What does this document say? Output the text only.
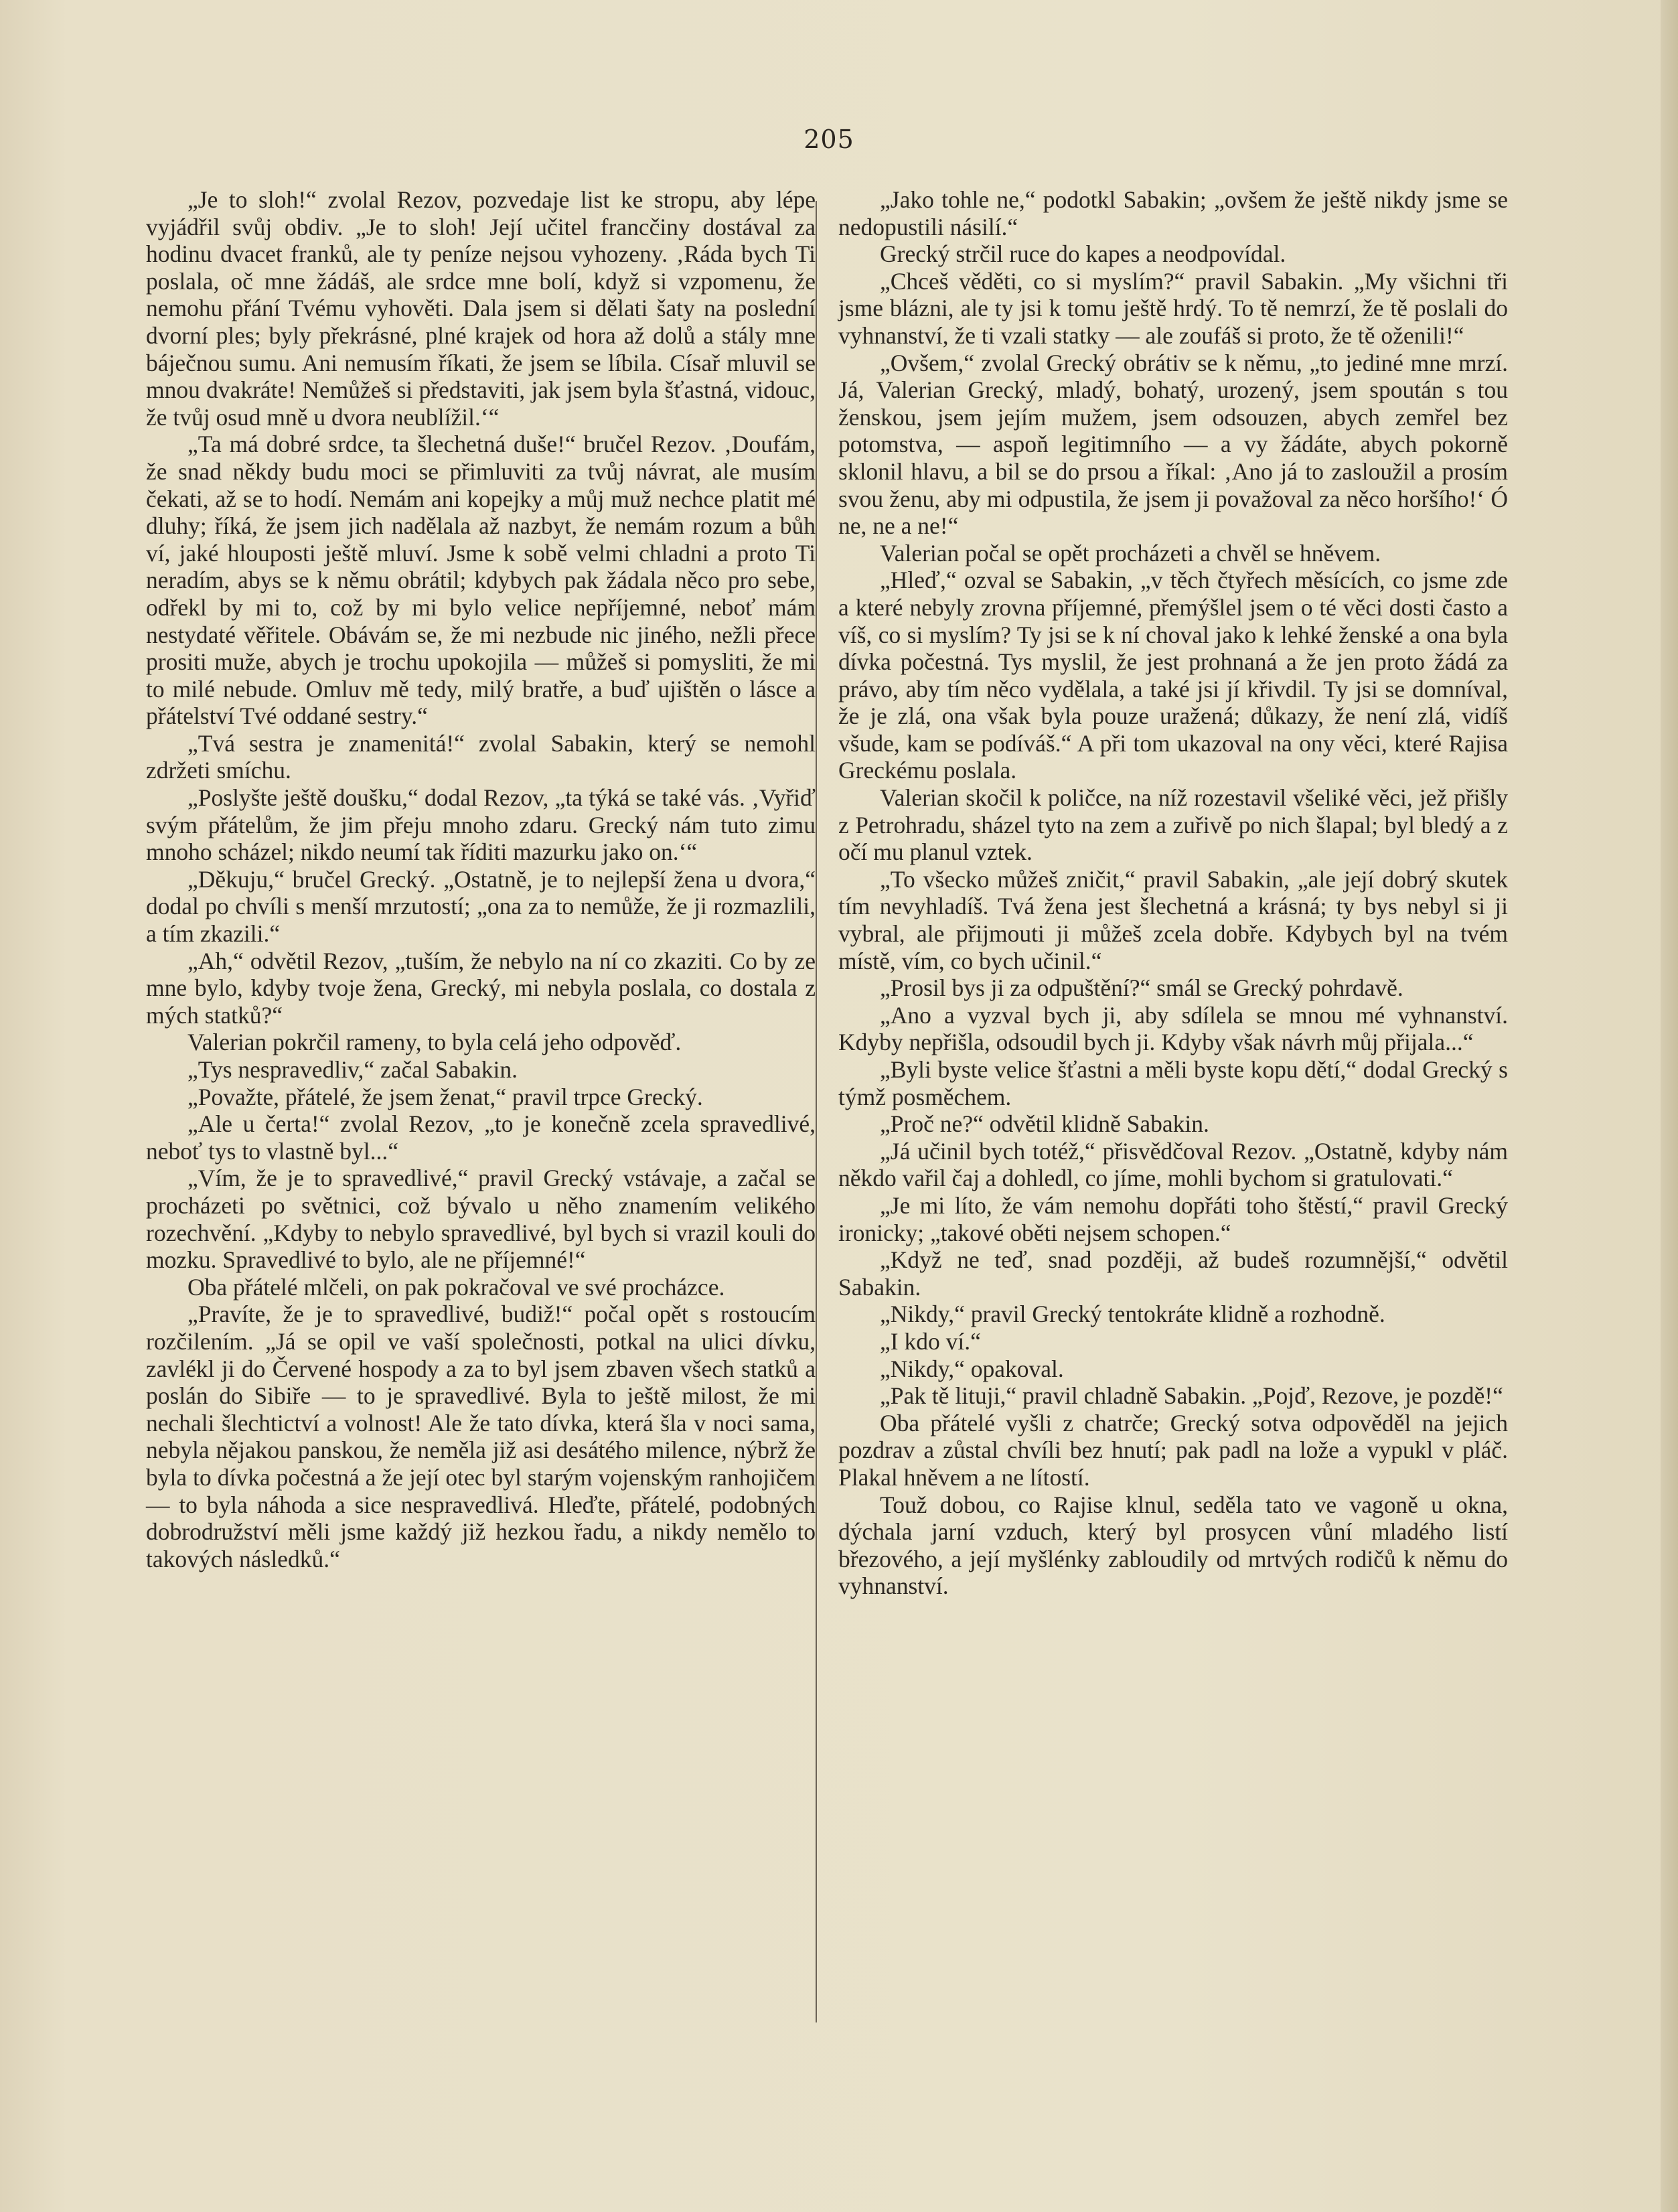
205

„Je to sloh!“ zvolal Rezov, pozvedaje list ke stropu, aby lépe vyjádřil svůj obdiv. „Je to sloh! Její učitel francčiny dostával za hodinu dvacet franků, ale ty peníze nejsou vyhozeny. ‚Ráda bych Ti poslala, oč mne žádáš, ale srdce mne bolí, když si vzpomenu, že nemohu přání Tvému vyhověti. Dala jsem si dělati šaty na poslední dvorní ples; byly překrásné, plné krajek od hora až dolů a stály mne báječnou sumu. Ani nemusím říkati, že jsem se líbila. Císař mluvil se mnou dvakráte! Nemůžeš si představiti, jak jsem byla šťastná, vidouc, že tvůj osud mně u dvora neublížil.‘“

„Ta má dobré srdce, ta šlechetná duše!“ bručel Rezov. ‚Doufám, že snad někdy budu moci se přimluviti za tvůj návrat, ale musím čekati, až se to hodí. Nemám ani kopejky a můj muž nechce platit mé dluhy; říká, že jsem jich nadělala až nazbyt, že nemám rozum a bůh ví, jaké hlouposti ještě mluví. Jsme k sobě velmi chladni a proto Ti neradím, abys se k němu obrátil; kdybych pak žádala něco pro sebe, odřekl by mi to, což by mi bylo velice nepříjemné, neboť mám nestydaté věřitele. Obávám se, že mi nezbude nic jiného, nežli přece prositi muže, abych je trochu upokojila — můžeš si pomysliti, že mi to milé nebude. Omluv mě tedy, milý bratře, a buď ujištěn o lásce a přátelství Tvé oddané sestry.“

„Tvá sestra je znamenitá!“ zvolal Sabakin, který se nemohl zdržeti smíchu.

„Poslyšte ještě doušku,“ dodal Rezov, „ta týká se také vás. ‚Vyřiď svým přátelům, že jim přeju mnoho zdaru. Grecký nám tuto zimu mnoho scházel; nikdo neumí tak říditi mazurku jako on.‘“

„Děkuju,“ bručel Grecký. „Ostatně, je to nejlepší žena u dvora,“ dodal po chvíli s menší mrzutostí; „ona za to nemůže, že ji rozmazlili, a tím zkazili.“

„Ah,“ odvětil Rezov, „tuším, že nebylo na ní co zkaziti. Co by ze mne bylo, kdyby tvoje žena, Grecký, mi nebyla poslala, co dostala z mých statků?“

Valerian pokrčil rameny, to byla celá jeho odpověď.

„Tys nespravedliv,“ začal Sabakin.

„Považte, přátelé, že jsem ženat,“ pravil trpce Grecký.

„Ale u čerta!“ zvolal Rezov, „to je konečně zcela spravedlivé, neboť tys to vlastně byl...“

„Vím, že je to spravedlivé,“ pravil Grecký vstávaje, a začal se procházeti po světnici, což bývalo u něho znamením velikého rozechvění. „Kdyby to nebylo spravedlivé, byl bych si vrazil kouli do mozku. Spravedlivé to bylo, ale ne příjemné!“

Oba přátelé mlčeli, on pak pokračoval ve své procházce.

„Pravíte, že je to spravedlivé, budiž!“ počal opět s rostoucím rozčilením. „Já se opil ve vaší společnosti, potkal na ulici dívku, zavlékl ji do Červené hospody a za to byl jsem zbaven všech statků a poslán do Sibiře — to je spravedlivé. Byla to ještě milost, že mi nechali šlechtictví a volnost! Ale že tato dívka, která šla v noci sama, nebyla nějakou panskou, že neměla již asi desátého milence, nýbrž že byla to dívka počestná a že její otec byl starým vojenským ranhojičem — to byla náhoda a sice nespravedlivá. Hleďte, přátelé, podobných dobrodružství měli jsme každý již hezkou řadu, a nikdy nemělo to takových následků.“

„Jako tohle ne,“ podotkl Sabakin; „ovšem že ještě nikdy jsme se nedopustili násilí.“

Grecký strčil ruce do kapes a neodpovídal.

„Chceš věděti, co si myslím?“ pravil Sabakin. „My všichni tři jsme blázni, ale ty jsi k tomu ještě hrdý. To tě nemrzí, že tě poslali do vyhnanství, že ti vzali statky — ale zoufáš si proto, že tě oženili!“

„Ovšem,“ zvolal Grecký obrátiv se k němu, „to jediné mne mrzí. Já, Valerian Grecký, mladý, bohatý, urozený, jsem spoután s tou ženskou, jsem jejím mužem, jsem odsouzen, abych zemřel bez potomstva, — aspoň legitimního — a vy žádáte, abych pokorně sklonil hlavu, a bil se do prsou a říkal: ‚Ano já to zasloužil a prosím svou ženu, aby mi odpustila, že jsem ji považoval za něco horšího!‘ Ó ne, ne a ne!“

Valerian počal se opět procházeti a chvěl se hněvem.

„Hleď,“ ozval se Sabakin, „v těch čtyřech měsících, co jsme zde a které nebyly zrovna příjemné, přemýšlel jsem o té věci dosti často a víš, co si myslím? Ty jsi se k ní choval jako k lehké ženské a ona byla dívka počestná. Tys myslil, že jest prohnaná a že jen proto žádá za právo, aby tím něco vydělala, a také jsi jí křivdil. Ty jsi se domníval, že je zlá, ona však byla pouze uražená; důkazy, že není zlá, vidíš všude, kam se podíváš.“ A při tom ukazoval na ony věci, které Rajisa Greckému poslala.

Valerian skočil k poličce, na níž rozestavil všeliké věci, jež přišly z Petrohradu, sházel tyto na zem a zuřivě po nich šlapal; byl bledý a z očí mu planul vztek.

„To všecko můžeš zničit,“ pravil Sabakin, „ale její dobrý skutek tím nevyhladíš. Tvá žena jest šlechetná a krásná; ty bys nebyl si ji vybral, ale přijmouti ji můžeš zcela dobře. Kdybych byl na tvém místě, vím, co bych učinil.“

„Prosil bys ji za odpuštění?“ smál se Grecký pohrdavě.

„Ano a vyzval bych ji, aby sdílela se mnou mé vyhnanství. Kdyby nepřišla, odsoudil bych ji. Kdyby však návrh můj přijala...“

„Byli byste velice šťastni a měli byste kopu dětí,“ dodal Grecký s týmž posměchem.

„Proč ne?“ odvětil klidně Sabakin.

„Já učinil bych totéž,“ přisvědčoval Rezov. „Ostatně, kdyby nám někdo vařil čaj a dohledl, co jíme, mohli bychom si gratulovati.“

„Je mi líto, že vám nemohu dopřáti toho štěstí,“ pravil Grecký ironicky; „takové oběti nejsem schopen.“

„Když ne teď, snad později, až budeš rozumnější,“ odvětil Sabakin.

„Nikdy,“ pravil Grecký tentokráte klidně a rozhodně.

„I kdo ví.“

„Nikdy,“ opakoval.

„Pak tě lituji,“ pravil chladně Sabakin. „Pojď, Rezove, je pozdě!“

Oba přátelé vyšli z chatrče; Grecký sotva odpověděl na jejich pozdrav a zůstal chvíli bez hnutí; pak padl na lože a vypukl v pláč. Plakal hněvem a ne lítostí.

Touž dobou, co Rajise klnul, seděla tato ve vagoně u okna, dýchala jarní vzduch, který byl prosycen vůní mladého listí březového, a její myšlénky zabloudily od mrtvých rodičů k němu do vyhnanství.
